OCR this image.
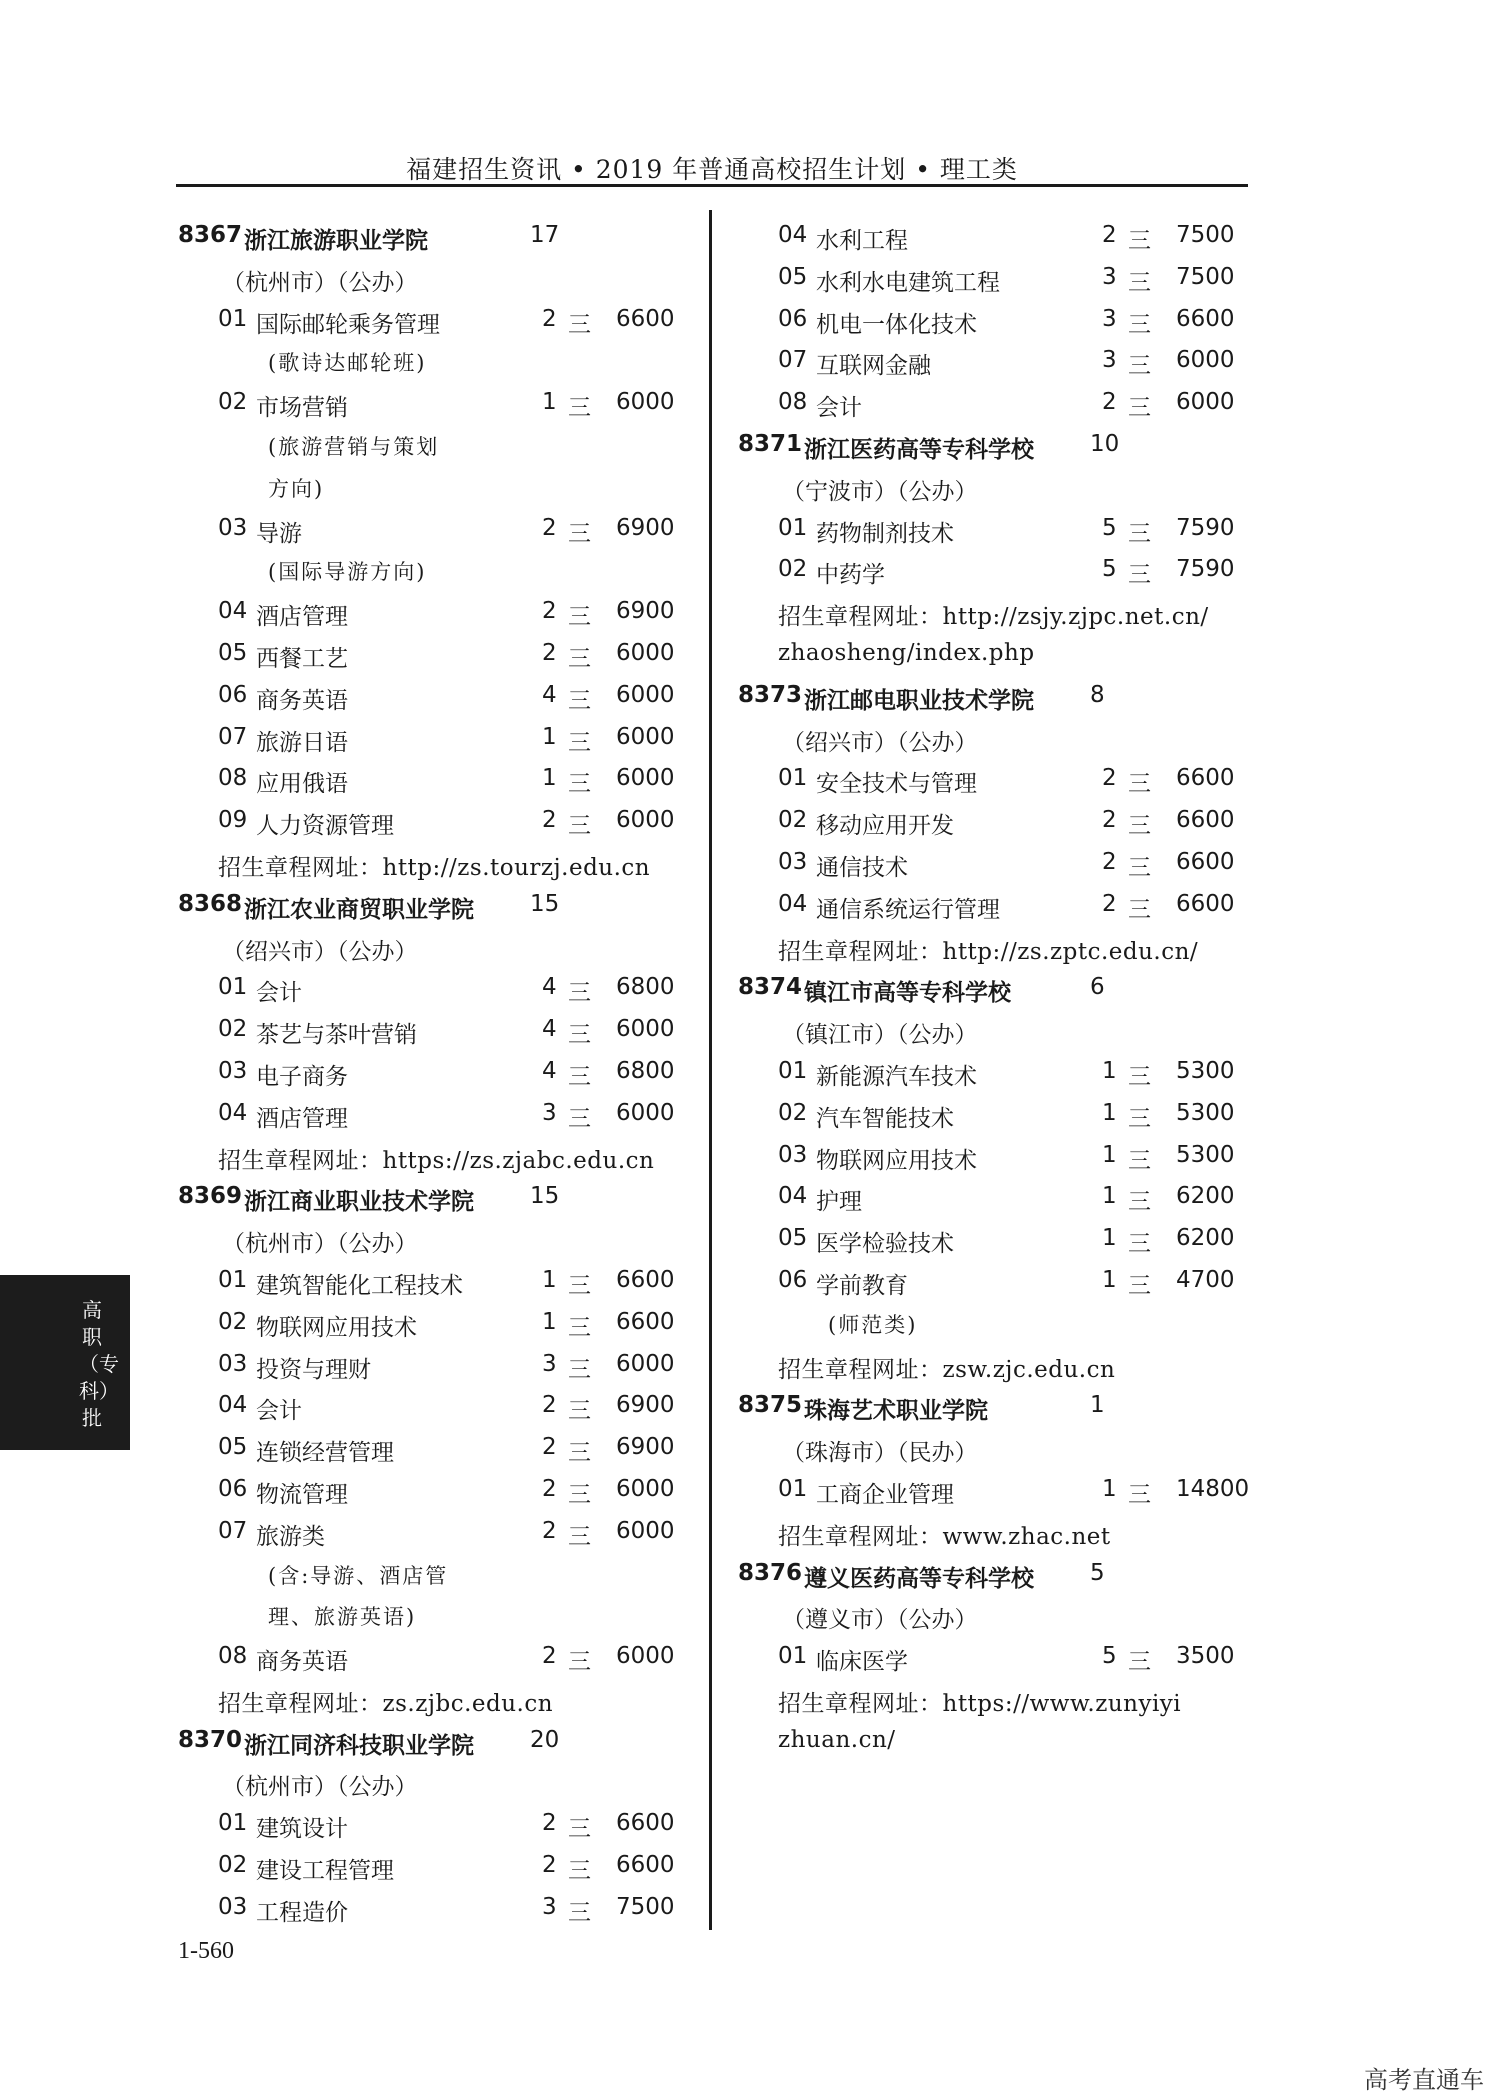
福建招生资讯 • 2019 年普通高校招生计划 • 理工类
8367 浙江旅游职业学院	17
（杭州市）（公办）
01 国际邮轮乘务管理	2 三 6600
(歌诗达邮轮班)
02 市场营销	1 三 6000
(旅游营销与策划
方向)
03 导游	2 三 6900
(国际导游方向)
04 酒店管理	2 三 6900
05 西餐工艺	2 三 6000
06 商务英语	4 三 6000
07 旅游日语	1 三 6000
08 应用俄语	1 三 6000
09 人力资源管理	2 三 6000
招生章程网址：http://zs.tourzj.edu.cn
8368 浙江农业商贸职业学院 15
（绍兴市）（公办）
01 会计	4 三 6800
02 茶艺与茶叶营销	4 三 6000
03 电子商务	4 三 6800
04 酒店管理	3 三 6000
招生章程网址：https://zs.zjabc.edu.cn
8369 浙江商业职业技术学院 15
（杭州市）（公办）
01 建筑智能化工程技术	1 三 6600
02 物联网应用技术	1 三 6600
03 投资与理财	3 三 6000
04 会计	2 三 6900
05 连锁经营管理	2 三 6900
06 物流管理	2 三 6000
07 旅游类	2 三 6000
(含:导游、酒店管
理、旅游英语)
08 商务英语	2 三 6000
招生章程网址：zs.zjbc.edu.cn
8370 浙江同济科技职业学院 20
（杭州市）（公办）
01 建筑设计	2 三 6600
02 建设工程管理	2 三 6600
03 工程造价	3 三 7500
04 水利工程	2 三 7500
05 水利水电建筑工程	3 三 7500
06 机电一体化技术	3 三 6600
07 互联网金融	3 三 6000
08 会计	2 三 6000
8371 浙江医药高等专科学校 10
（宁波市）（公办）
01 药物制剂技术	5 三 7590
02 中药学	5 三 7590
招生章程网址：http://zsjy.zjpc.net.cn/
zhaosheng/index.php
8373 浙江邮电职业技术学院 8
（绍兴市）（公办）
01 安全技术与管理	2 三 6600
02 移动应用开发	2 三 6600
03 通信技术	2 三 6600
04 通信系统运行管理	2 三 6600
招生章程网址：http://zs.zptc.edu.cn/
8374 镇江市高等专科学校	6
（镇江市）（公办）
01 新能源汽车技术	1 三 5300
02 汽车智能技术	1 三 5300
03 物联网应用技术	1 三 5300
04 护理	1 三 6200
05 医学检验技术	1 三 6200
06 学前教育	1 三 4700
(师范类)
招生章程网址：zsw.zjc.edu.cn
8375 珠海艺术职业学院	1
（珠海市）（民办）
01 工商企业管理	1 三 14800
招生章程网址：www.zhac.net
8376 遵义医药高等专科学校 5
（遵义市）（公办）
01 临床医学	5 三 3500
招生章程网址：https://www.zunyiyi
zhuan.cn/
高职（专科）批
1-560
高考直通车
